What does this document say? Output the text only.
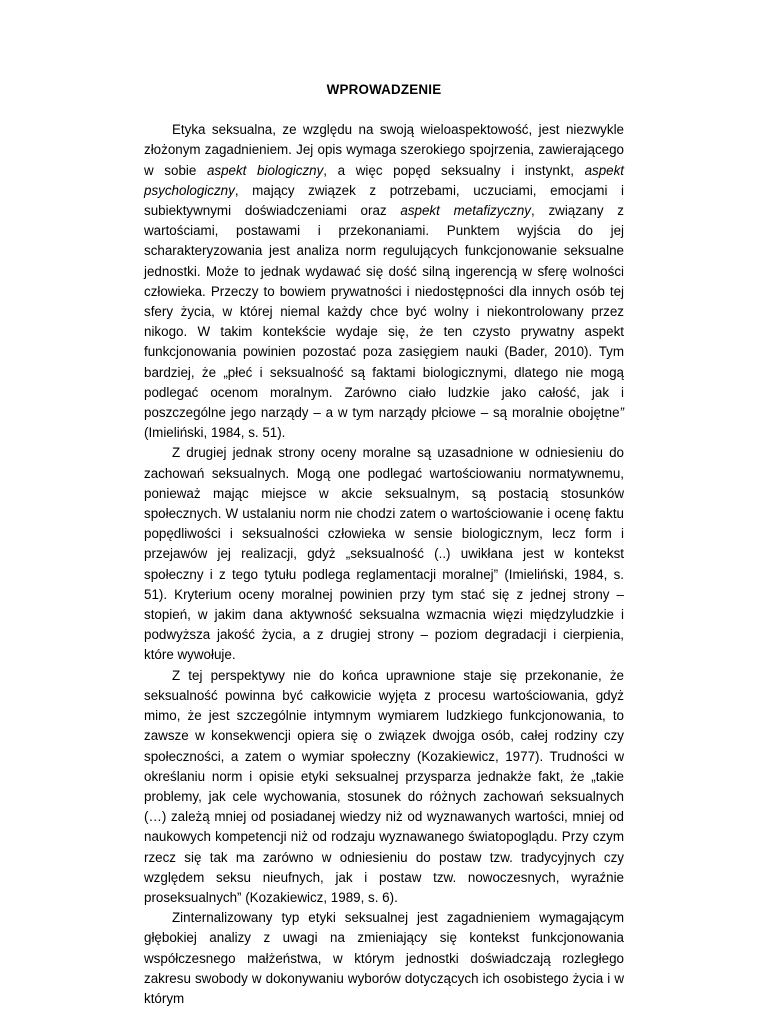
WPROWADZENIE

Etyka seksualna, ze względu na swoją wieloaspektowość, jest niezwykle złożonym zagadnieniem. Jej opis wymaga szerokiego spojrzenia, zawierającego w sobie aspekt biologiczny, a więc popęd seksualny i instynkt, aspekt psychologiczny, mający związek z potrzebami, uczuciami, emocjami i subiektywnymi doświadczeniami oraz aspekt metafizyczny, związany z wartościami, postawami i przekonaniami. Punktem wyjścia do jej scharakteryzowania jest analiza norm regulujących funkcjonowanie seksualne jednostki. Może to jednak wydawać się dość silną ingerencją w sferę wolności człowieka. Przeczy to bowiem prywatności i niedostępności dla innych osób tej sfery życia, w której niemal każdy chce być wolny i niekontrolowany przez nikogo. W takim kontekście wydaje się, że ten czysto prywatny aspekt funkcjonowania powinien pozostać poza zasięgiem nauki (Bader, 2010). Tym bardziej, że „płeć i seksualność są faktami biologicznymi, dlatego nie mogą podlegać ocenom moralnym. Zarówno ciało ludzkie jako całość, jak i poszczególne jego narządy – a w tym narządy płciowe – są moralnie obojętne” (Imieliński, 1984, s. 51).

Z drugiej jednak strony oceny moralne są uzasadnione w odniesieniu do zachowań seksualnych. Mogą one podlegać wartościowaniu normatywnemu, ponieważ mając miejsce w akcie seksualnym, są postacią stosunków społecznych. W ustalaniu norm nie chodzi zatem o wartościowanie i ocenę faktu popędliwości i seksualności człowieka w sensie biologicznym, lecz form i przejawów jej realizacji, gdyż „seksualność (..) uwikłana jest w kontekst społeczny i z tego tytułu podlega reglamentacji moralnej” (Imieliński, 1984, s. 51). Kryterium oceny moralnej powinien przy tym stać się z jednej strony – stopień, w jakim dana aktywność seksualna wzmacnia więzi międzyludzkie i podwyższa jakość życia, a z drugiej strony – poziom degradacji i cierpienia, które wywołuje.

Z tej perspektywy nie do końca uprawnione staje się przekonanie, że seksualność powinna być całkowicie wyjęta z procesu wartościowania, gdyż mimo, że jest szczególnie intymnym wymiarem ludzkiego funkcjonowania, to zawsze w konsekwencji opiera się o związek dwojga osób, całej rodziny czy społeczności, a zatem o wymiar społeczny (Kozakiewicz, 1977). Trudności w określaniu norm i opisie etyki seksualnej przysparza jednakże fakt, że „takie problemy, jak cele wychowania, stosunek do różnych zachowań seksualnych (…) zależą mniej od posiadanej wiedzy niż od wyznawanych wartości, mniej od naukowych kompetencji niż od rodzaju wyznawanego światopoglądu. Przy czym rzecz się tak ma zarówno w odniesieniu do postaw tzw. tradycyjnych czy względem seksu nieufnych, jak i postaw tzw. nowoczesnych, wyraźnie proseksualnych” (Kozakiewicz, 1989, s. 6).

Zinternalizowany typ etyki seksualnej jest zagadnieniem wymagającym głębokiej analizy z uwagi na zmieniający się kontekst funkcjonowania współczesnego małżeństwa, w którym jednostki doświadczają rozległego zakresu swobody w dokonywaniu wyborów dotyczących ich osobistego życia i w którym
